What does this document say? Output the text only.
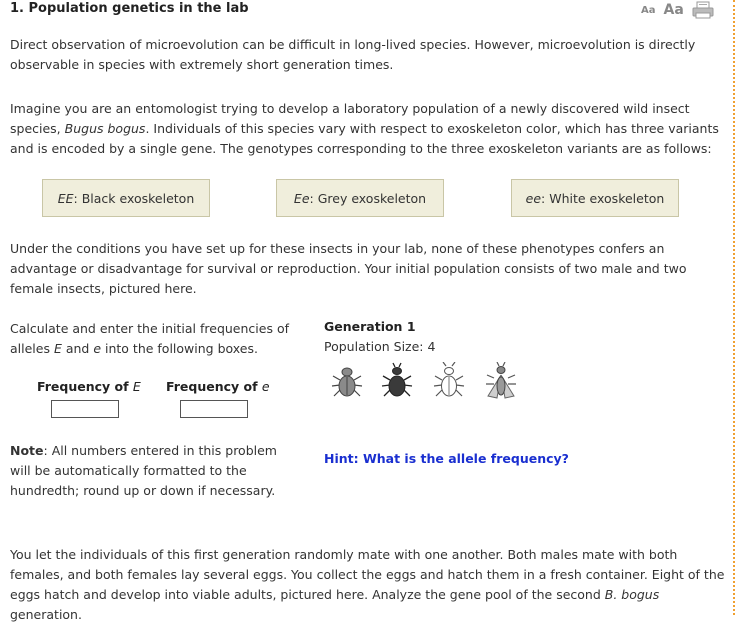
1. Population genetics in the lab	Aa Aa

Direct observation of microevolution can be difficult in long-lived species. However, microevolution is directly observable in species with extremely short generation times.

Imagine you are an entomologist trying to develop a laboratory population of a newly discovered wild insect species, Bugus bogus. Individuals of this species vary with respect to exoskeleton color, which has three variants and is encoded by a single gene. The genotypes corresponding to the three exoskeleton variants are as follows:

EE : Black exoskeleton	Ee : Grey exoskeleton	ee : White exoskeleton

Under the conditions you have set up for these insects in your lab, none of these phenotypes confers an advantage or disadvantage for survival or reproduction. Your initial population consists of two male and two female insects, pictured here.

Calculate and enter the initial frequencies of
alleles E and e into the following boxes.

Frequency of E Frequency of e

Note: All numbers entered in this problem will be automatically formatted to the hundredth; round up or down if necessary.

Generation 1
Population Size: 4
Hint: What is the allele frequency?

You let the individuals of this first generation randomly mate with one another. Both males mate with both females, and both females lay several eggs. You collect the eggs and hatch them in a fresh container. Eight of the eggs hatch and develop into viable adults, pictured here. Analyze the gene pool of the second B. bogus generation.
